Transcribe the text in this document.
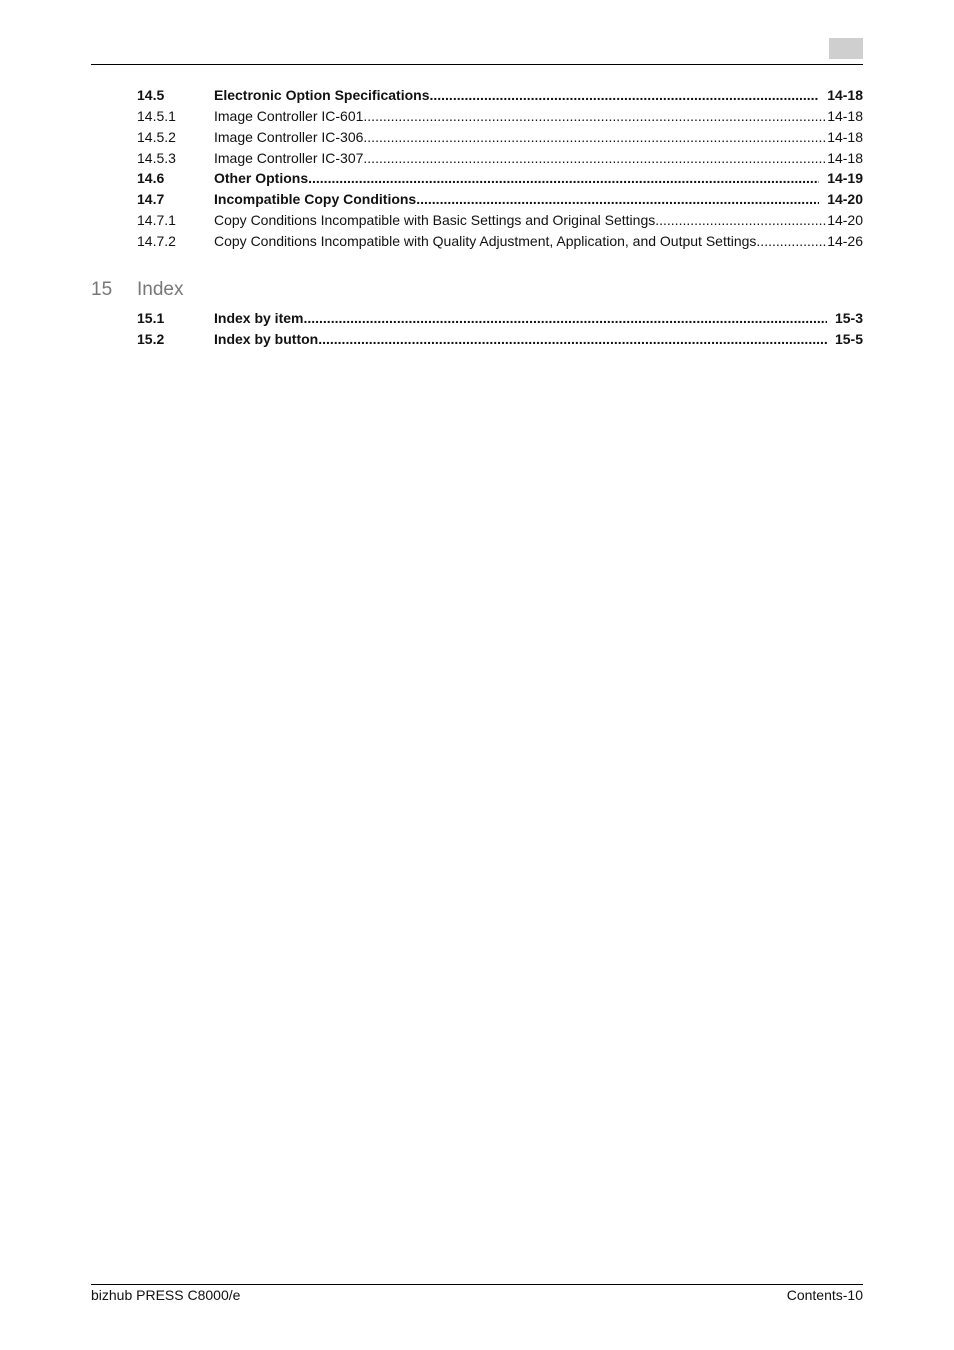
14.5	Electronic Option Specifications .....	14-18
14.5.1	Image Controller IC-601 .....	14-18
14.5.2	Image Controller IC-306 .....	14-18
14.5.3	Image Controller IC-307 .....	14-18
14.6	Other Options .....	14-19
14.7	Incompatible Copy Conditions .....	14-20
14.7.1	Copy Conditions Incompatible with Basic Settings and Original Settings .....	14-20
14.7.2	Copy Conditions Incompatible with Quality Adjustment, Application, and Output Settings .....	14-26
15	Index
15.1	Index by item .....	15-3
15.2	Index by button .....	15-5
bizhub PRESS C8000/e	Contents-10
